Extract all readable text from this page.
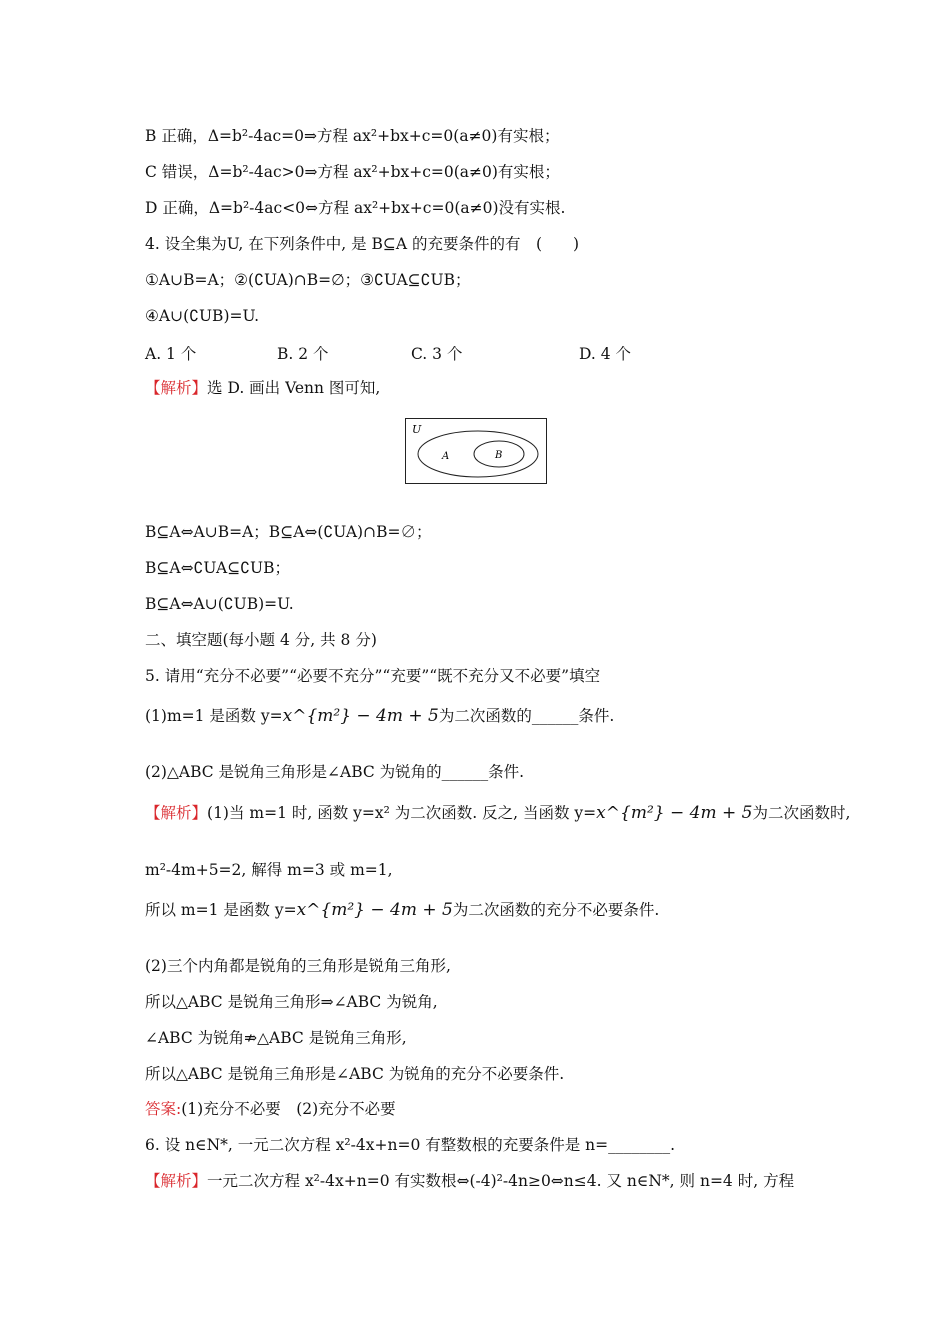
B 正确，Δ=b²-4ac=0⇒方程 ax²+bx+c=0(a≠0)有实根；
C 错误，Δ=b²-4ac>0⇒方程 ax²+bx+c=0(a≠0)有实根；
D 正确，Δ=b²-4ac<0⇔方程 ax²+bx+c=0(a≠0)没有实根.
4. 设全集为U, 在下列条件中, 是 B⊆A 的充要条件的有　(　　)
①A∪B=A；②(∁UA)∩B=∅；③∁UA⊆∁UB；
④A∪(∁UB)=U.
A. 1 个	B. 2 个	C. 3 个	D. 4 个
【解析】选 D. 画出 Venn 图可知,
U
A	B
B⊆A⇔A∪B=A；B⊆A⇔(∁UA)∩B=∅；
B⊆A⇔∁UA⊆∁UB；
B⊆A⇔A∪(∁UB)=U.
二、填空题(每小题 4 分, 共 8 分)
5. 请用“充分不必要”“必要不充分”“充要”“既不充分又不必要”填空
(1)m=1 是函数 y=x^{m²} − 4m + 5为二次函数的______条件.
(2)△ABC 是锐角三角形是∠ABC 为锐角的______条件.
【解析】(1)当 m=1 时, 函数 y=x² 为二次函数. 反之, 当函数 y=x^{m²} − 4m + 5为二次函数时,
m²-4m+5=2, 解得 m=3 或 m=1,
所以 m=1 是函数 y=x^{m²} − 4m + 5为二次函数的充分不必要条件.
(2)三个内角都是锐角的三角形是锐角三角形,
所以△ABC 是锐角三角形⇒∠ABC 为锐角,
∠ABC 为锐角⇏△ABC 是锐角三角形,
所以△ABC 是锐角三角形是∠ABC 为锐角的充分不必要条件.
答案:(1)充分不必要　(2)充分不必要
6. 设 n∈N*, 一元二次方程 x²-4x+n=0 有整数根的充要条件是 n=________.
【解析】一元二次方程 x²-4x+n=0 有实数根⇔(-4)²-4n≥0⇔n≤4. 又 n∈N*, 则 n=4 时, 方程
